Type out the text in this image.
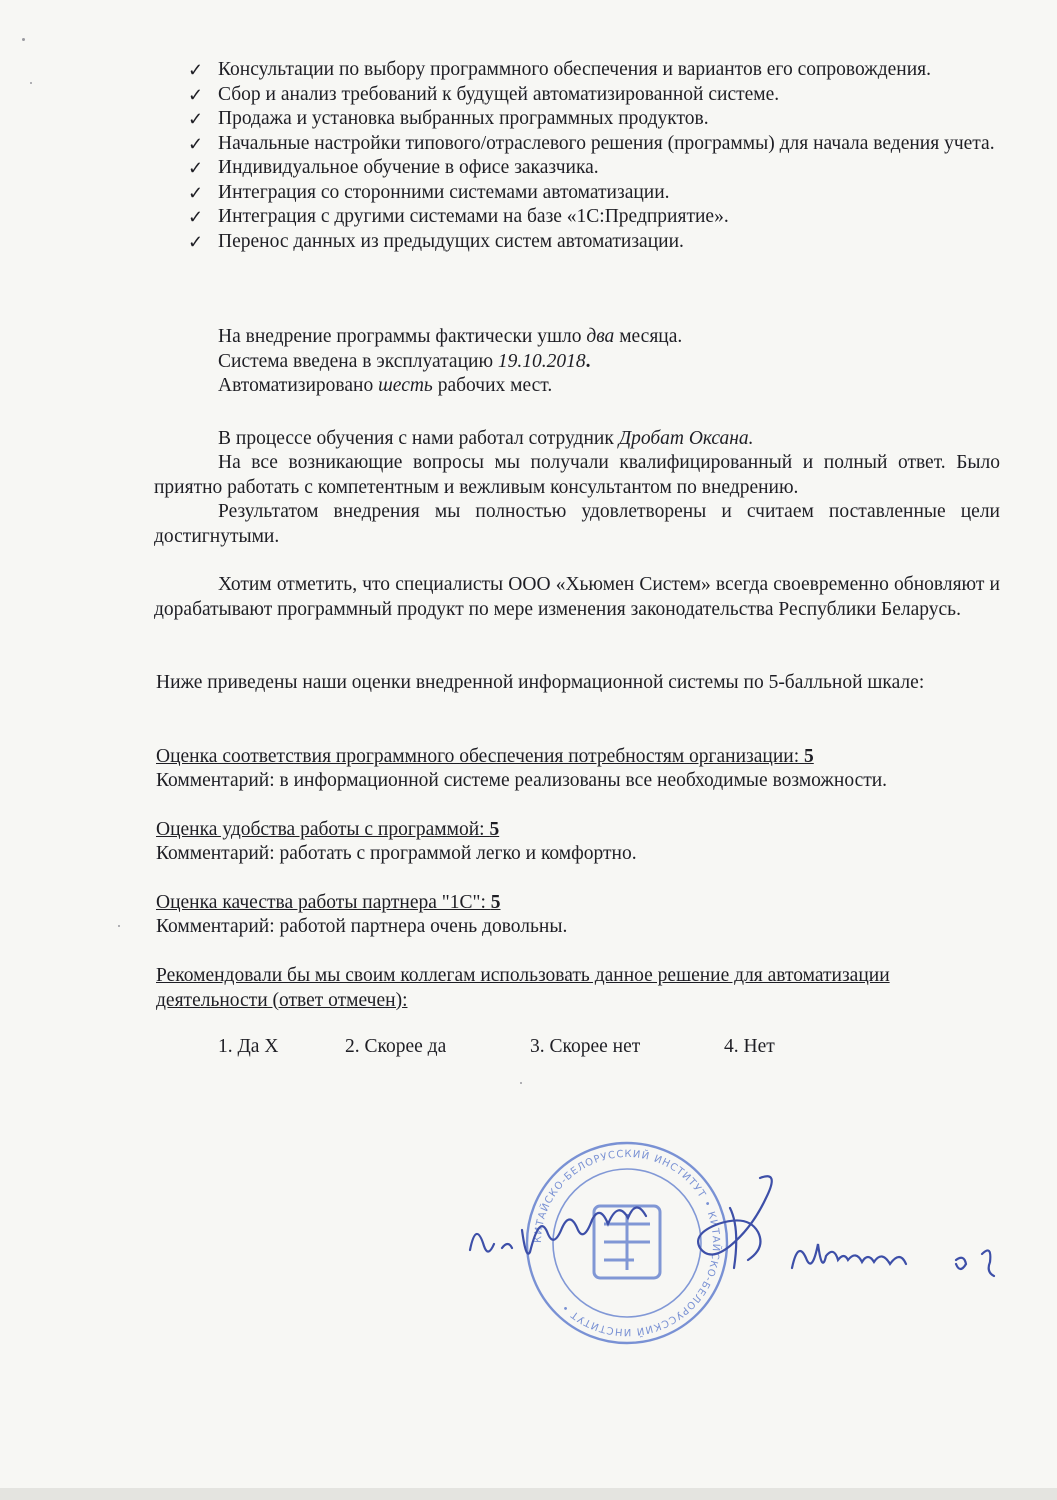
✓ Консультации по выбору программного обеспечения и вариантов его сопровождения.
✓ Сбор и анализ требований к будущей автоматизированной системе.
✓ Продажа и установка выбранных программных продуктов.
✓ Начальные настройки типового/отраслевого решения (программы) для начала ведения учета.
✓ Индивидуальное обучение в офисе заказчика.
✓ Интеграция со сторонними системами автоматизации.
✓ Интеграция с другими системами на базе «1С:Предприятие».
✓ Перенос данных из предыдущих систем автоматизации.
На внедрение программы фактически ушло два месяца.
Система введена в эксплуатацию 19.10.2018.
Автоматизировано шесть рабочих мест.
В процессе обучения с нами работал сотрудник Дробат Оксана.
На все возникающие вопросы мы получали квалифицированный и полный ответ. Было приятно работать с компетентным и вежливым консультантом по внедрению.
Результатом внедрения мы полностью удовлетворены и считаем поставленные цели достигнутыми.
Хотим отметить, что специалисты ООО «Хьюмен Систем» всегда своевременно обновляют и дорабатывают программный продукт по мере изменения законодательства Республики Беларусь.
Ниже приведены наши оценки внедренной информационной системы по 5-балльной шкале:
Оценка соответствия программного обеспечения потребностям организации: 5
Комментарий: в информационной системе реализованы все необходимые возможности.
Оценка удобства работы с программой: 5
Комментарий: работать с программой легко и комфортно.
Оценка качества работы партнера "1С": 5
Комментарий: работой партнера очень довольны.
Рекомендовали бы мы своим коллегам использовать данное решение для автоматизации деятельности (ответ отмечен):
1. Да Х	2. Скорее да	3. Скорее нет	4. Нет
КИТАЙСКО-БЕЛОРУССКИЙ ИНСТИТУТ • КИТАЙСКО-БЕЛОРУССКИЙ ИНСТИТУТ •
